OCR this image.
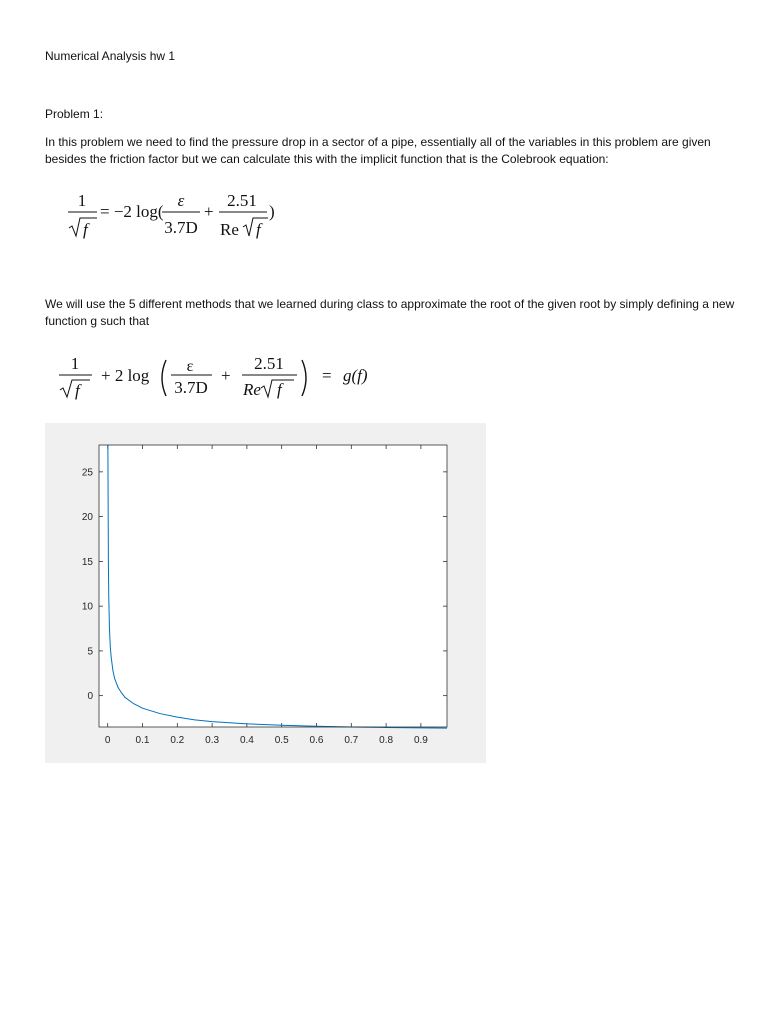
Numerical Analysis hw 1
Problem 1:
In this problem we need to find the pressure drop in a sector of a pipe, essentially all of the variables in this problem are given besides the friction factor but we can calculate this with the implicit function that is the Colebrook equation:
1
f
= −2 log(
ε
3.7D
+
2.51
Re f
)
We will use the 5 different methods that we learned during class to approximate the root of the given root by simply defining a new function g such that
1
f
+ 2 log ε
3.7D
+
2.51
Re f
= g(f)
0	0.1 0.2 0.3 0.4 0.5 0.6 0.7 0.8 0.9
0
5
10
15
20
25
